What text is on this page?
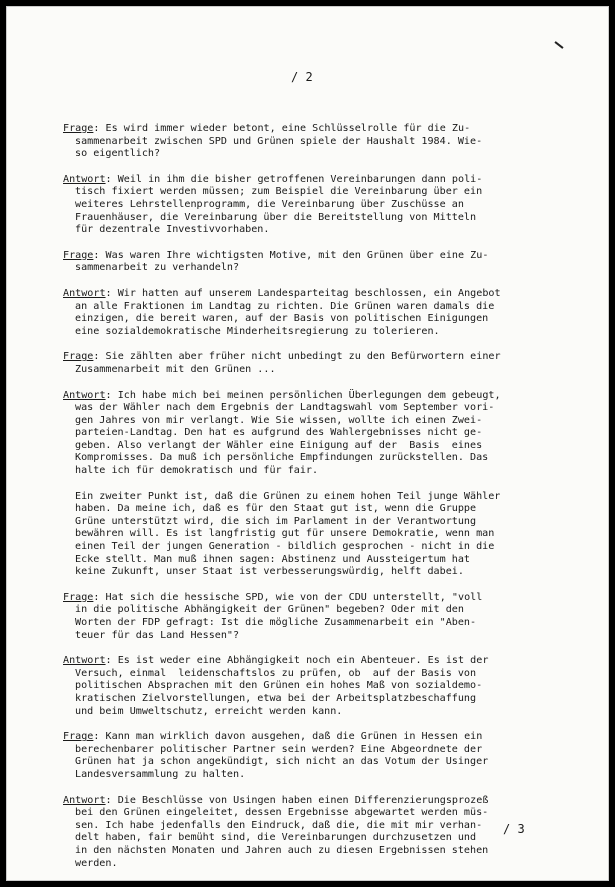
/ 2
Frage: Es wird immer wieder betont, eine Schlüsselrolle für die Zu-
sammenarbeit zwischen SPD und Grünen spiele der Haushalt 1984. Wie-
so eigentlich?
Antwort: Weil in ihm die bisher getroffenen Vereinbarungen dann poli-
tisch fixiert werden müssen; zum Beispiel die Vereinbarung über ein
weiteres Lehrstellenprogramm, die Vereinbarung über Zuschüsse an
Frauenhäuser, die Vereinbarung über die Bereitstellung von Mitteln
für dezentrale Investivvorhaben.
Frage: Was waren Ihre wichtigsten Motive, mit den Grünen über eine Zu-
sammenarbeit zu verhandeln?
Antwort: Wir hatten auf unserem Landesparteitag beschlossen, ein Angebot
an alle Fraktionen im Landtag zu richten. Die Grünen waren damals die
einzigen, die bereit waren, auf der Basis von politischen Einigungen
eine sozialdemokratische Minderheitsregierung zu tolerieren.
Frage: Sie zählten aber früher nicht unbedingt zu den Befürwortern einer
Zusammenarbeit mit den Grünen ...
Antwort: Ich habe mich bei meinen persönlichen Überlegungen dem gebeugt,
was der Wähler nach dem Ergebnis der Landtagswahl vom September vori-
gen Jahres von mir verlangt. Wie Sie wissen, wollte ich einen Zwei-
parteien-Landtag. Den hat es aufgrund des Wahlergebnisses nicht ge-
geben. Also verlangt der Wähler eine Einigung auf der  Basis  eines
Kompromisses. Da muß ich persönliche Empfindungen zurückstellen. Das
halte ich für demokratisch und für fair.
Ein zweiter Punkt ist, daß die Grünen zu einem hohen Teil junge Wähler
haben. Da meine ich, daß es für den Staat gut ist, wenn die Gruppe
Grüne unterstützt wird, die sich im Parlament in der Verantwortung
bewähren will. Es ist langfristig gut für unsere Demokratie, wenn man
einen Teil der jungen Generation - bildlich gesprochen - nicht in die
Ecke stellt. Man muß ihnen sagen: Abstinenz und Aussteigertum hat
keine Zukunft, unser Staat ist verbesserungswürdig, helft dabei.
Frage: Hat sich die hessische SPD, wie von der CDU unterstellt, "voll
in die politische Abhängigkeit der Grünen" begeben? Oder mit den
Worten der FDP gefragt: Ist die mögliche Zusammenarbeit ein "Aben-
teuer für das Land Hessen"?
Antwort: Es ist weder eine Abhängigkeit noch ein Abenteuer. Es ist der
Versuch, einmal  leidenschaftslos zu prüfen, ob  auf der Basis von
politischen Absprachen mit den Grünen ein hohes Maß von sozialdemo-
kratischen Zielvorstellungen, etwa bei der Arbeitsplatzbeschaffung
und beim Umweltschutz, erreicht werden kann.
Frage: Kann man wirklich davon ausgehen, daß die Grünen in Hessen ein
berechenbarer politischer Partner sein werden? Eine Abgeordnete der
Grünen hat ja schon angekündigt, sich nicht an das Votum der Usinger
Landesversammlung zu halten.
Antwort: Die Beschlüsse von Usingen haben einen Differenzierungsprozeß
bei den Grünen eingeleitet, dessen Ergebnisse abgewartet werden müs-
sen. Ich habe jedenfalls den Eindruck, daß die, die mit mir verhan-
delt haben, fair bemüht sind, die Vereinbarungen durchzusetzen und
in den nächsten Monaten und Jahren auch zu diesen Ergebnissen stehen
werden.
/ 3
